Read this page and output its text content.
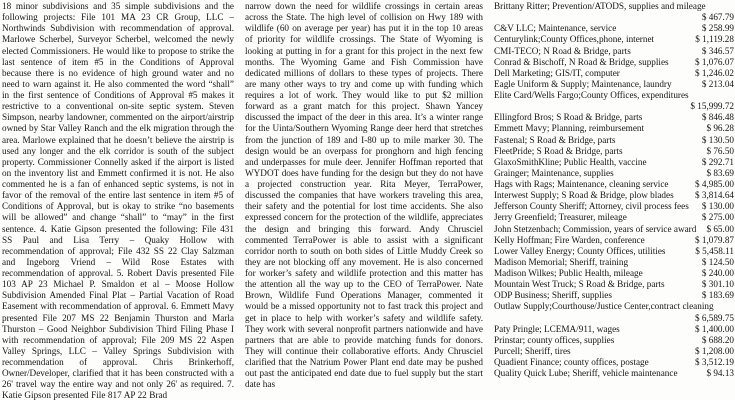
18 minor subdivisions and 35 simple subdivisions and the following projects: File 101 MA 23 CR Group, LLC – Northwinds Subdivision with recommendation of approval. Marlowe Scherbel, Surveyor Scherbel, welcomed the newly elected Commissioners. He would like to propose to strike the last sentence of item #5 in the Conditions of Approval because there is no evidence of high ground water and no need to warn against it. He also commented the word “shall” in the first sentence of Conditions of Approval #5 makes it restrictive to a conventional on-site septic system. Steven Simpson, nearby landowner, commented on the airport/airstrip owned by Star Valley Ranch and the elk migration through the area. Marlowe explained that he doesn’t believe the airstrip is used any longer and the elk corridor is south of the subject property. Commissioner Connelly asked if the airport is listed on the inventory list and Emmett confirmed it is not. He also commented he is a fan of enhanced septic systems, is not in favor of the removal of the entire last sentence in item #5 of Conditions of Approval, but is okay to strike “no basements will be allowed” and change “shall” to “may” in the first sentence. 4. Katie Gipson presented the following: File 431 SS Paul and Lisa Terry – Quaky Hollow with recommendation of approval; File 432 SS 22 Clay Salzman and Ingeborg Vriend – Wild Rose Estates with recommendation of approval. 5. Robert Davis presented File 103 AP 23 Michael P. Smaldon et al – Moose Hollow Subdivision Amended Final Plat – Partial Vacation of Road Easement with recommendation of approval. 6. Emmett Mavy presented File 207 MS 22 Benjamin Thurston and Marla Thurston – Good Neighbor Subdivision Third Filing Phase I with recommendation of approval; File 209 MS 22 Aspen Valley Springs, LLC – Valley Springs Subdivision with recommendation of approval. Chris Brinkerhoff, Owner/Developer, clarified that it has been constructed with a 26' travel way the entire way and not only 26' as required. 7. Katie Gipson presented File 817 AP 22 Brad

narrow down the need for wildlife crossings in certain areas across the State. The high level of collision on Hwy 189 with wildlife (60 on average per year) has put it in the top 10 areas of priority for wildlife crossings. The State of Wyoming is looking at putting in for a grant for this project in the next few months. The Wyoming Game and Fish Commission have dedicated millions of dollars to these types of projects. There are many other ways to try and come up with funding which requires a lot of work. They would like to put $2 million forward as a grant match for this project. Shawn Yancey discussed the impact of the deer in this area. It’s a winter range for the Uinta/Southern Wyoming Range deer herd that stretches from the junction of 189 and I-80 up to mile marker 30. The design would be an overpass for pronghorn and high fencing and underpasses for mule deer. Jennifer Hoffman reported that WYDOT does have funding for the design but they do not have a projected construction year. Rita Meyer, TerraPower, discussed the companies that have workers traveling this area, their safety and the potential for lost time accidents. She also expressed concern for the protection of the wildlife, appreciates the design and bringing this forward. Andy Chrusciel commented TerraPower is able to assist with a significant corridor north to south on both sides of Little Muddy Creek so they are not blocking off any movement. He is also concerned for worker’s safety and wildlife protection and this matter has the attention all the way up to the CEO of TerraPower. Nate Brown, Wildlife Fund Operations Manager, commented it would be a missed opportunity not to fast track this project and get in place to help with worker’s safety and wildlife safety. They work with several nonprofit partners nationwide and have partners that are able to provide matching funds for donors. They will continue their collaborative efforts. Andy Chrusciel clarified that the Natrium Power Plant end date may be pushed out past the anticipated end date due to fuel supply but the start date has

Brittany Ritter; Prevention/ATODS, supplies and mileage
$ 467.79
C&V LLC; Maintenance, service	$ 258.99
Centurylink;County Offices,phone, internet	$ 1,119.28
CMI-TECO; N Road & Bridge, parts	$ 346.57
Conrad & Bischoff, N Road & Bridge, supplies	$ 1,076.07
Dell Marketing; GIS/IT, computer	$ 1,246.02
Eagle Uniform & Supply; Maintenance, laundry	$ 213.04
Elite Card/Wells Fargo;County Offices, expenditures
$ 15,999.72
Ellingford Bros; S Road & Bridge, parts	$ 846.48
Emmett Mavy; Planning, reimbursement	$ 96.28
Fastenal; S Road & Bridge, parts	$ 130.50
FleetPride; S Road & Bridge, parts	$ 76.50
GlaxoSmithKline; Public Health, vaccine	$ 292.71
Grainger; Maintenance, supplies	$ 83.69
Hags with Rags; Maintenance, cleaning service	$ 4,985.00
Interwest Supply; S Road & Bridge, plow blades	$ 3,814.64
Jefferson County Sheriff; Attorney, civil process fees	$ 130.00
Jerry Greenfield; Treasurer, mileage	$ 275.00
John Stetzenbach; Commission, years of service award	$ 65.00
Kelly Hoffman; Fire Warden, conference	$ 1,079.87
Lower Valley Energy; County Offices, utilities	$ 5,458.11
Madison Memorial; Sheriff, training	$ 124.50
Madison Wilkes; Public Health, mileage	$ 240.00
Mountain West Truck; S Road & Bridge, parts	$ 301.10
ODP Business; Sheriff, supplies	$ 183.69
Outlaw Supply;Courthouse/Justice Center,contract cleaning
$ 6,589.75
Paty Pringle; LCEMA/911, wages	$ 1,400.00
Prinstar; county offices, supplies	$ 688.20
Purcell; Sheriff, tires	$ 1,208.00
Quadient Finance; county offices, postage	$ 3,512.19
Quality Quick Lube; Sheriff, vehicle maintenance	$ 94.13
